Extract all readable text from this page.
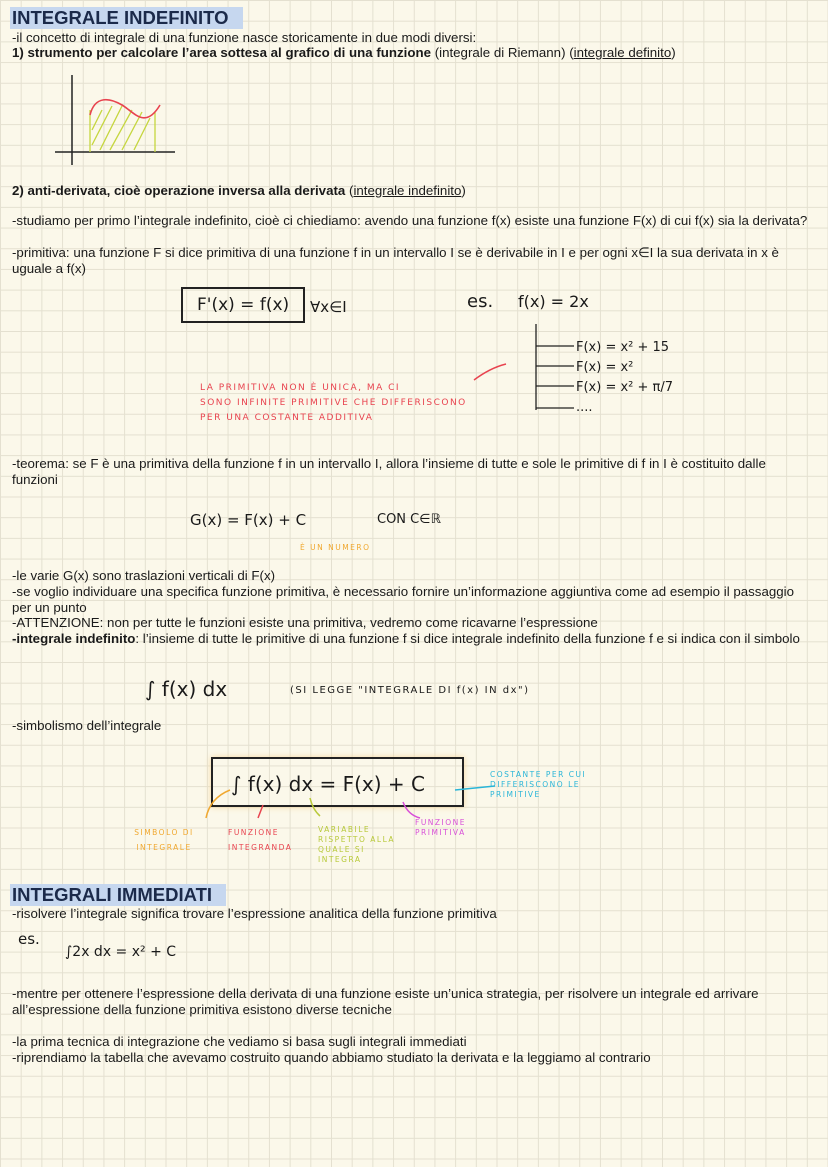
INTEGRALE INDEFINITO
-il concetto di integrale di una funzione nasce storicamente in due modi diversi:
1) strumento per calcolare l’area sottesa al grafico di una funzione (integrale di Riemann) (integrale definito)
2) anti-derivata, cioè operazione inversa alla derivata (integrale indefinito)
-studiamo per primo l’integrale indefinito, cioè ci chiediamo: avendo una funzione f(x) esiste una funzione F(x) di cui f(x) sia la derivata?
-primitiva: una funzione F si dice primitiva di una funzione f in un intervallo I se è derivabile in I e per ogni x∈I la sua derivata in x è uguale a f(x)
F'(x) = f(x)	∀x∈I	es. f(x) = 2x
F(x) = x² + 15
F(x) = x²
F(x) = x² + π/7
....
LA PRIMITIVA NON È UNICA, MA CI
SONO INFINITE PRIMITIVE CHE DIFFERISCONO
PER UNA COSTANTE ADDITIVA
-teorema: se F è una primitiva della funzione f in un intervallo I, allora l’insieme di tutte e sole le primitive di f in I è costituito dalle funzioni
G(x) = F(x) + C	CON C∈ℝ
È UN NUMERO
-le varie G(x) sono traslazioni verticali di F(x)
-se voglio individuare una specifica funzione primitiva, è necessario fornire un’informazione aggiuntiva come ad esempio il passaggio per un punto
-ATTENZIONE: non per tutte le funzioni esiste una primitiva, vedremo come ricavarne l’espressione
-integrale indefinito: l’insieme di tutte le primitive di una funzione f si dice integrale indefinito della funzione f e si indica con il simbolo
∫ f(x) dx	(SI LEGGE "INTEGRALE DI f(x) IN dx")
-simbolismo dell’integrale
∫ f(x) dx = F(x) + C
SIMBOLO DI INTEGRALE
FUNZIONE INTEGRANDA
VARIABILE RISPETTO ALLA QUALE SI INTEGRA
FUNZIONE PRIMITIVA
COSTANTE PER CUI DIFFERISCONO LE PRIMITIVE
INTEGRALI IMMEDIATI
-risolvere l’integrale significa trovare l’espressione analitica della funzione primitiva
es.
∫2x dx = x² + C
-mentre per ottenere l’espressione della derivata di una funzione esiste un’unica strategia, per risolvere un integrale ed arrivare all’espressione della funzione primitiva esistono diverse tecniche
-la prima tecnica di integrazione che vediamo si basa sugli integrali immediati
-riprendiamo la tabella che avevamo costruito quando abbiamo studiato la derivata e la leggiamo al contrario
